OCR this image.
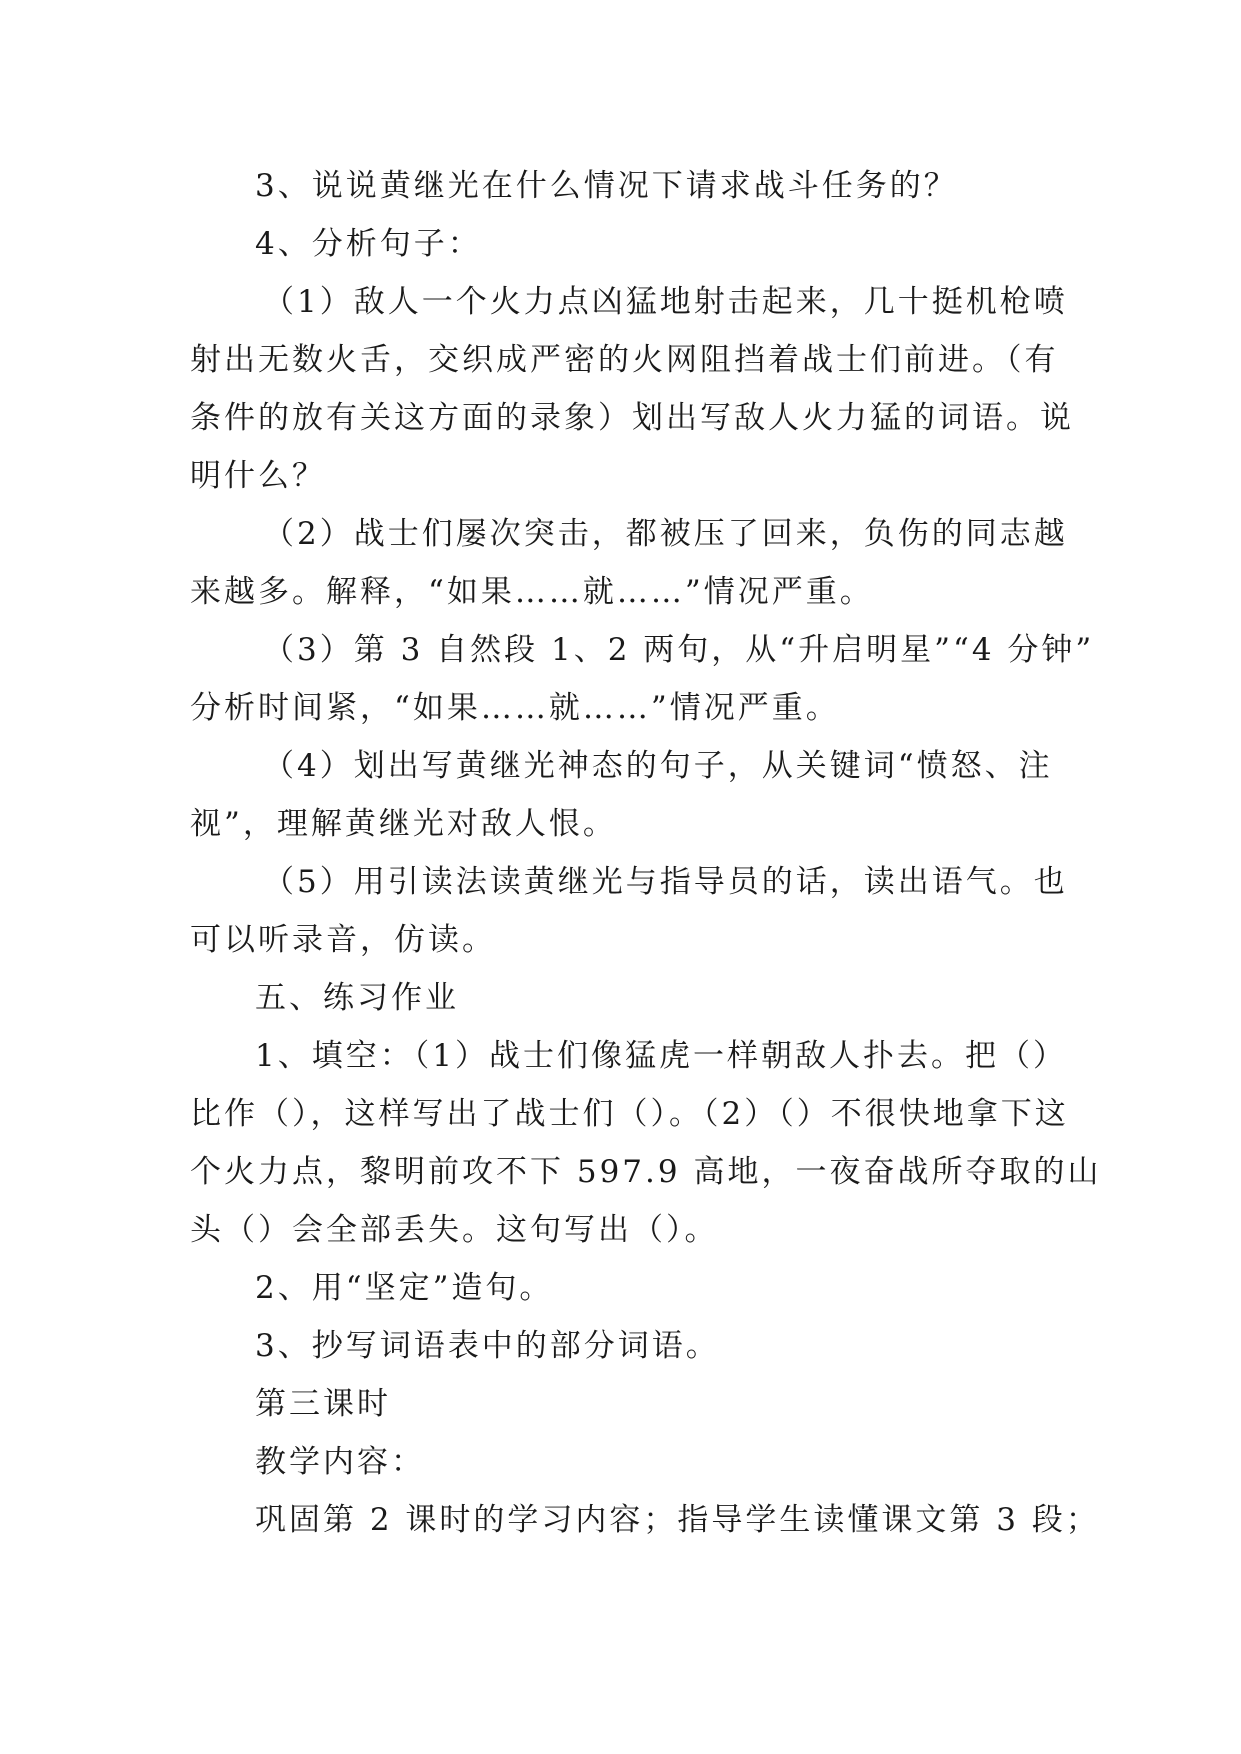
3、说说黄继光在什么情况下请求战斗任务的？
4、分析句子：
（1）敌人一个火力点凶猛地射击起来，几十挺机枪喷
射出无数火舌，交织成严密的火网阻挡着战士们前进。（有
条件的放有关这方面的录象）划出写敌人火力猛的词语。说
明什么？
（2）战士们屡次突击，都被压了回来，负伤的同志越
来越多。解释，“如果……就……”情况严重。
（3）第 3 自然段 1、2 两句，从“升启明星”“4 分钟”
分析时间紧，“如果……就……”情况严重。
（4）划出写黄继光神态的句子，从关键词“愤怒、注
视”，理解黄继光对敌人恨。
（5）用引读法读黄继光与指导员的话，读出语气。也
可以听录音，仿读。
五、练习作业
1、填空：（1）战士们像猛虎一样朝敌人扑去。把（）
比作（），这样写出了战士们（）。（2）（）不很快地拿下这
个火力点，黎明前攻不下 597.9 高地，一夜奋战所夺取的山
头（）会全部丢失。这句写出（）。
2、用“坚定”造句。
3、抄写词语表中的部分词语。
第三课时
教学内容：
巩固第 2 课时的学习内容；指导学生读懂课文第 3 段；
